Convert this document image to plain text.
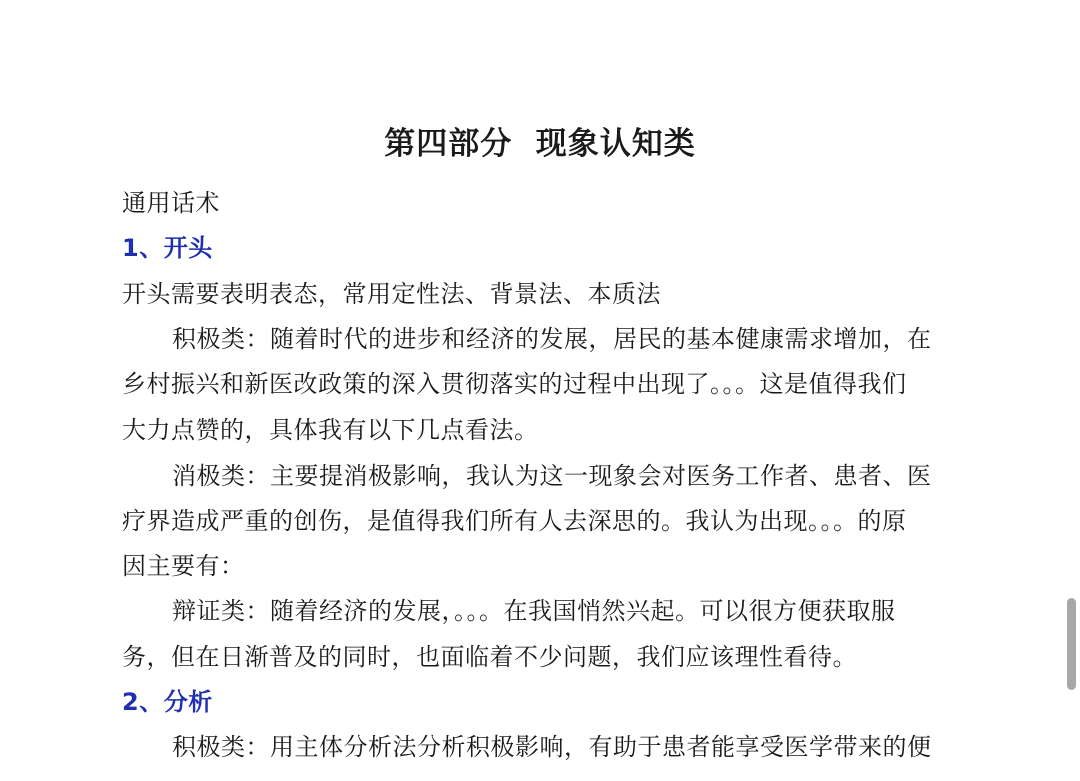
第四部分  现象认知类
通用话术
1、开头
开头需要表明表态，常用定性法、背景法、本质法
积极类：随着时代的进步和经济的发展，居民的基本健康需求增加，在
乡村振兴和新医改政策的深入贯彻落实的过程中出现了。。。这是值得我们
大力点赞的，具体我有以下几点看法。
消极类：主要提消极影响，我认为这一现象会对医务工作者、患者、医
疗界造成严重的创伤，是值得我们所有人去深思的。我认为出现。。。的原
因主要有：
辩证类：随着经济的发展，。。。在我国悄然兴起。可以很方便获取服
务，但在日渐普及的同时，也面临着不少问题，我们应该理性看待。
2、分析
积极类：用主体分析法分析积极影响，有助于患者能享受医学带来的便
